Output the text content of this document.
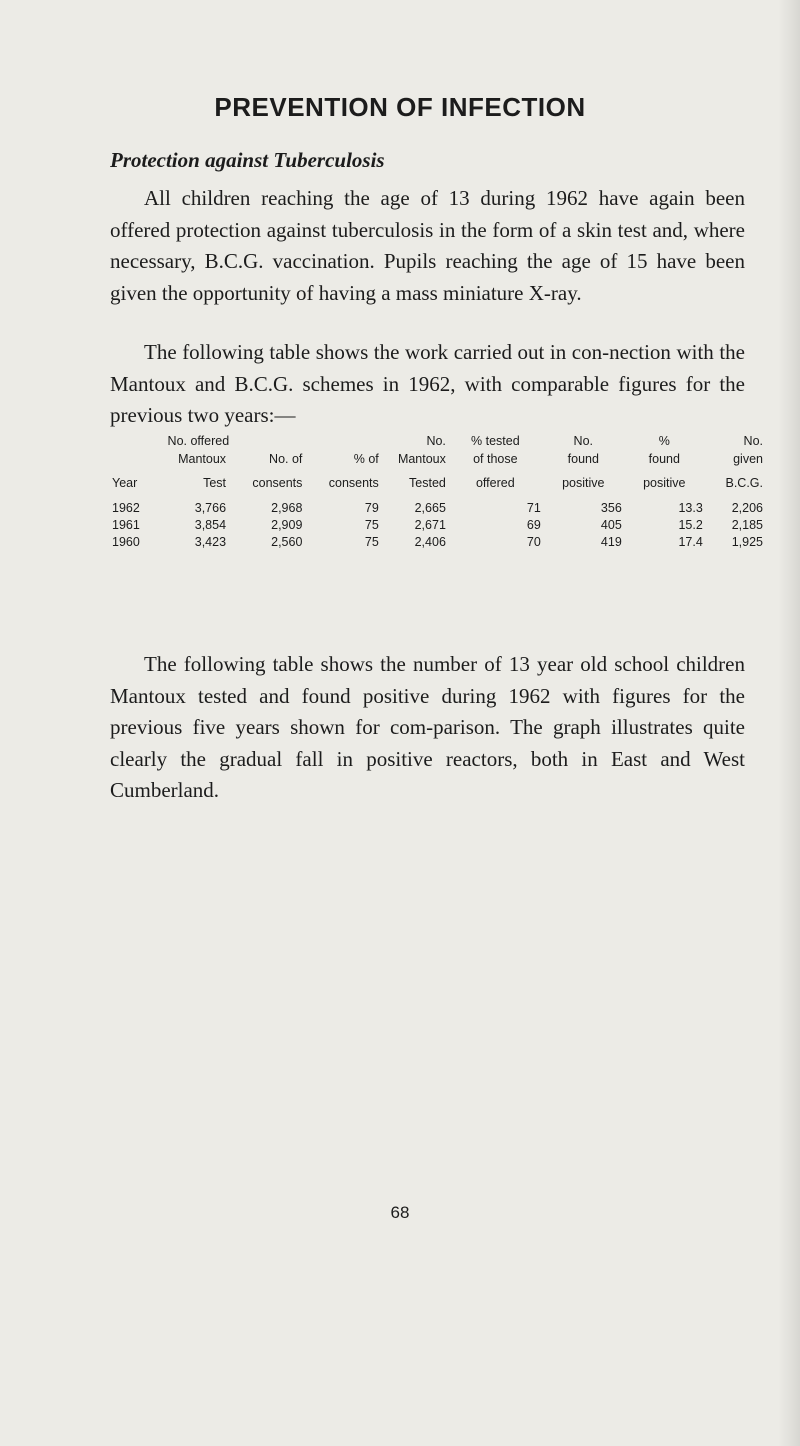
PREVENTION OF INFECTION
Protection against Tuberculosis

All children reaching the age of 13 during 1962 have again been offered protection against tuberculosis in the form of a skin test and, where necessary, B.C.G. vaccination. Pupils reaching the age of 15 have been given the opportunity of having a mass miniature X-ray.

The following table shows the work carried out in con-nection with the Mantoux and B.C.G. schemes in 1962, with comparable figures for the previous two years:—

	No. offered			No.	% tested	No.	%	No.
	Mantoux	No. of	% of	Mantoux	of those	found	found	given
Year	Test	consents	consents	Tested	offered	positive	positive	B.C.G.
1962	3,766	2,968	79	2,665	71	356	13.3	2,206
1961	3,854	2,909	75	2,671	69	405	15.2	2,185
1960	3,423	2,560	75	2,406	70	419	17.4	1,925

The following table shows the number of 13 year old school children Mantoux tested and found positive during 1962 with figures for the previous five years shown for com-parison. The graph illustrates quite clearly the gradual fall in positive reactors, both in East and West Cumberland.

68
